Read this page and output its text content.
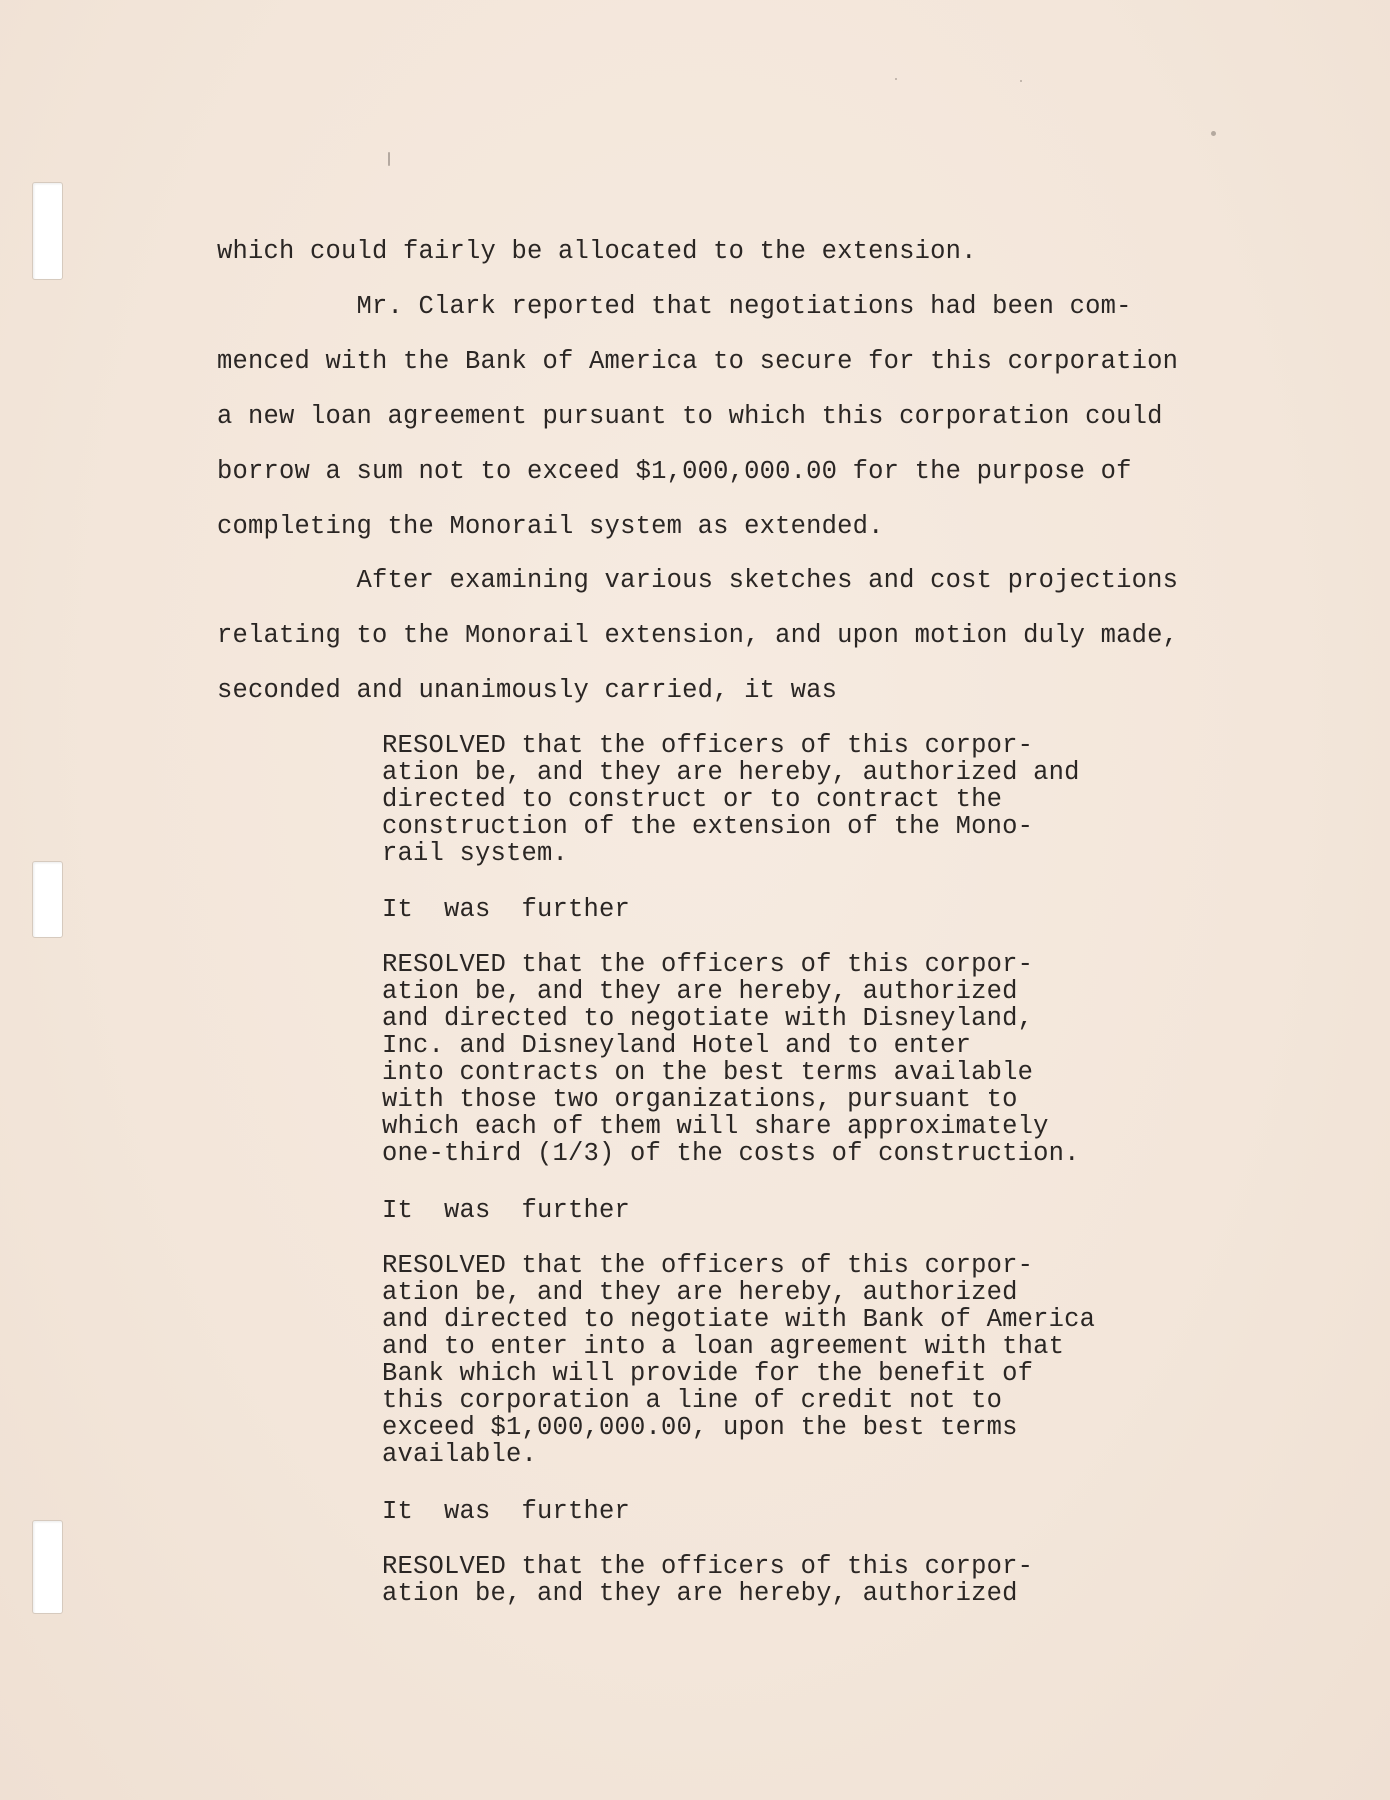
which could fairly be allocated to the extension.
Mr. Clark reported that negotiations had been com-
menced with the Bank of America to secure for this corporation
a new loan agreement pursuant to which this corporation could
borrow a sum not to exceed $1,000,000.00 for the purpose of
completing the Monorail system as extended.
After examining various sketches and cost projections
relating to the Monorail extension, and upon motion duly made,
seconded and unanimously carried, it was
RESOLVED that the officers of this corpor-
ation be, and they are hereby, authorized and
directed to construct or to contract the
construction of the extension of the Mono-
rail system.
It  was  further
RESOLVED that the officers of this corpor-
ation be, and they are hereby, authorized
and directed to negotiate with Disneyland,
Inc. and Disneyland Hotel and to enter
into contracts on the best terms available
with those two organizations, pursuant to
which each of them will share approximately
one-third (1/3) of the costs of construction.
It  was  further
RESOLVED that the officers of this corpor-
ation be, and they are hereby, authorized
and directed to negotiate with Bank of America
and to enter into a loan agreement with that
Bank which will provide for the benefit of
this corporation a line of credit not to
exceed $1,000,000.00, upon the best terms
available.
It  was  further
RESOLVED that the officers of this corpor-
ation be, and they are hereby, authorized
